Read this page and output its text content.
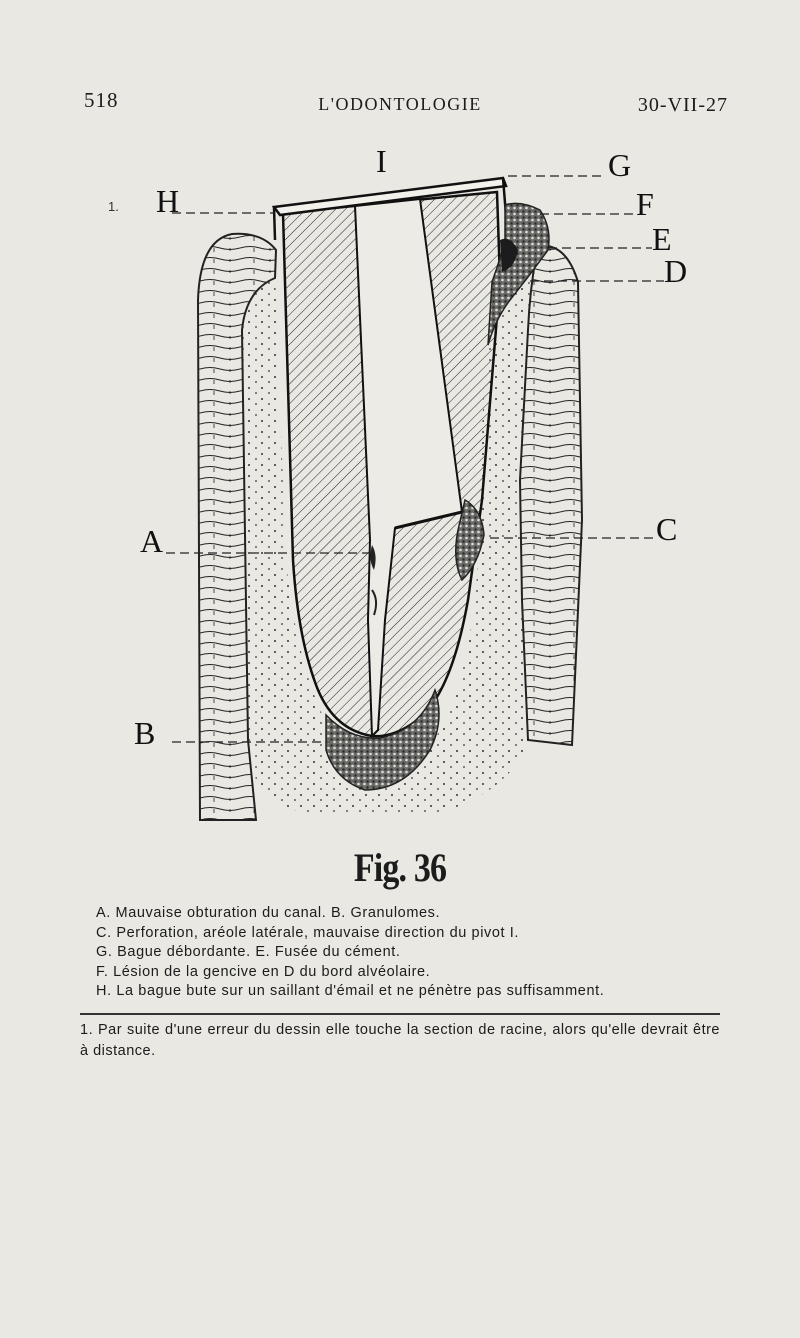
518	L'ODONTOLOGIE	30-VII-27
1.
I	G
H	F
E
D
A	C
B
Fig. 36
A. Mauvaise obturation du canal. B. Granulomes.
C. Perforation, aréole latérale, mauvaise direction du pivot I.
G. Bague débordante. E. Fusée du cément.
F. Lésion de la gencive en D du bord alvéolaire.
H. La bague bute sur un saillant d'émail et ne pénètre pas suffisamment.
1. Par suite d'une erreur du dessin elle touche la section de racine, alors qu'elle devrait être à distance.
